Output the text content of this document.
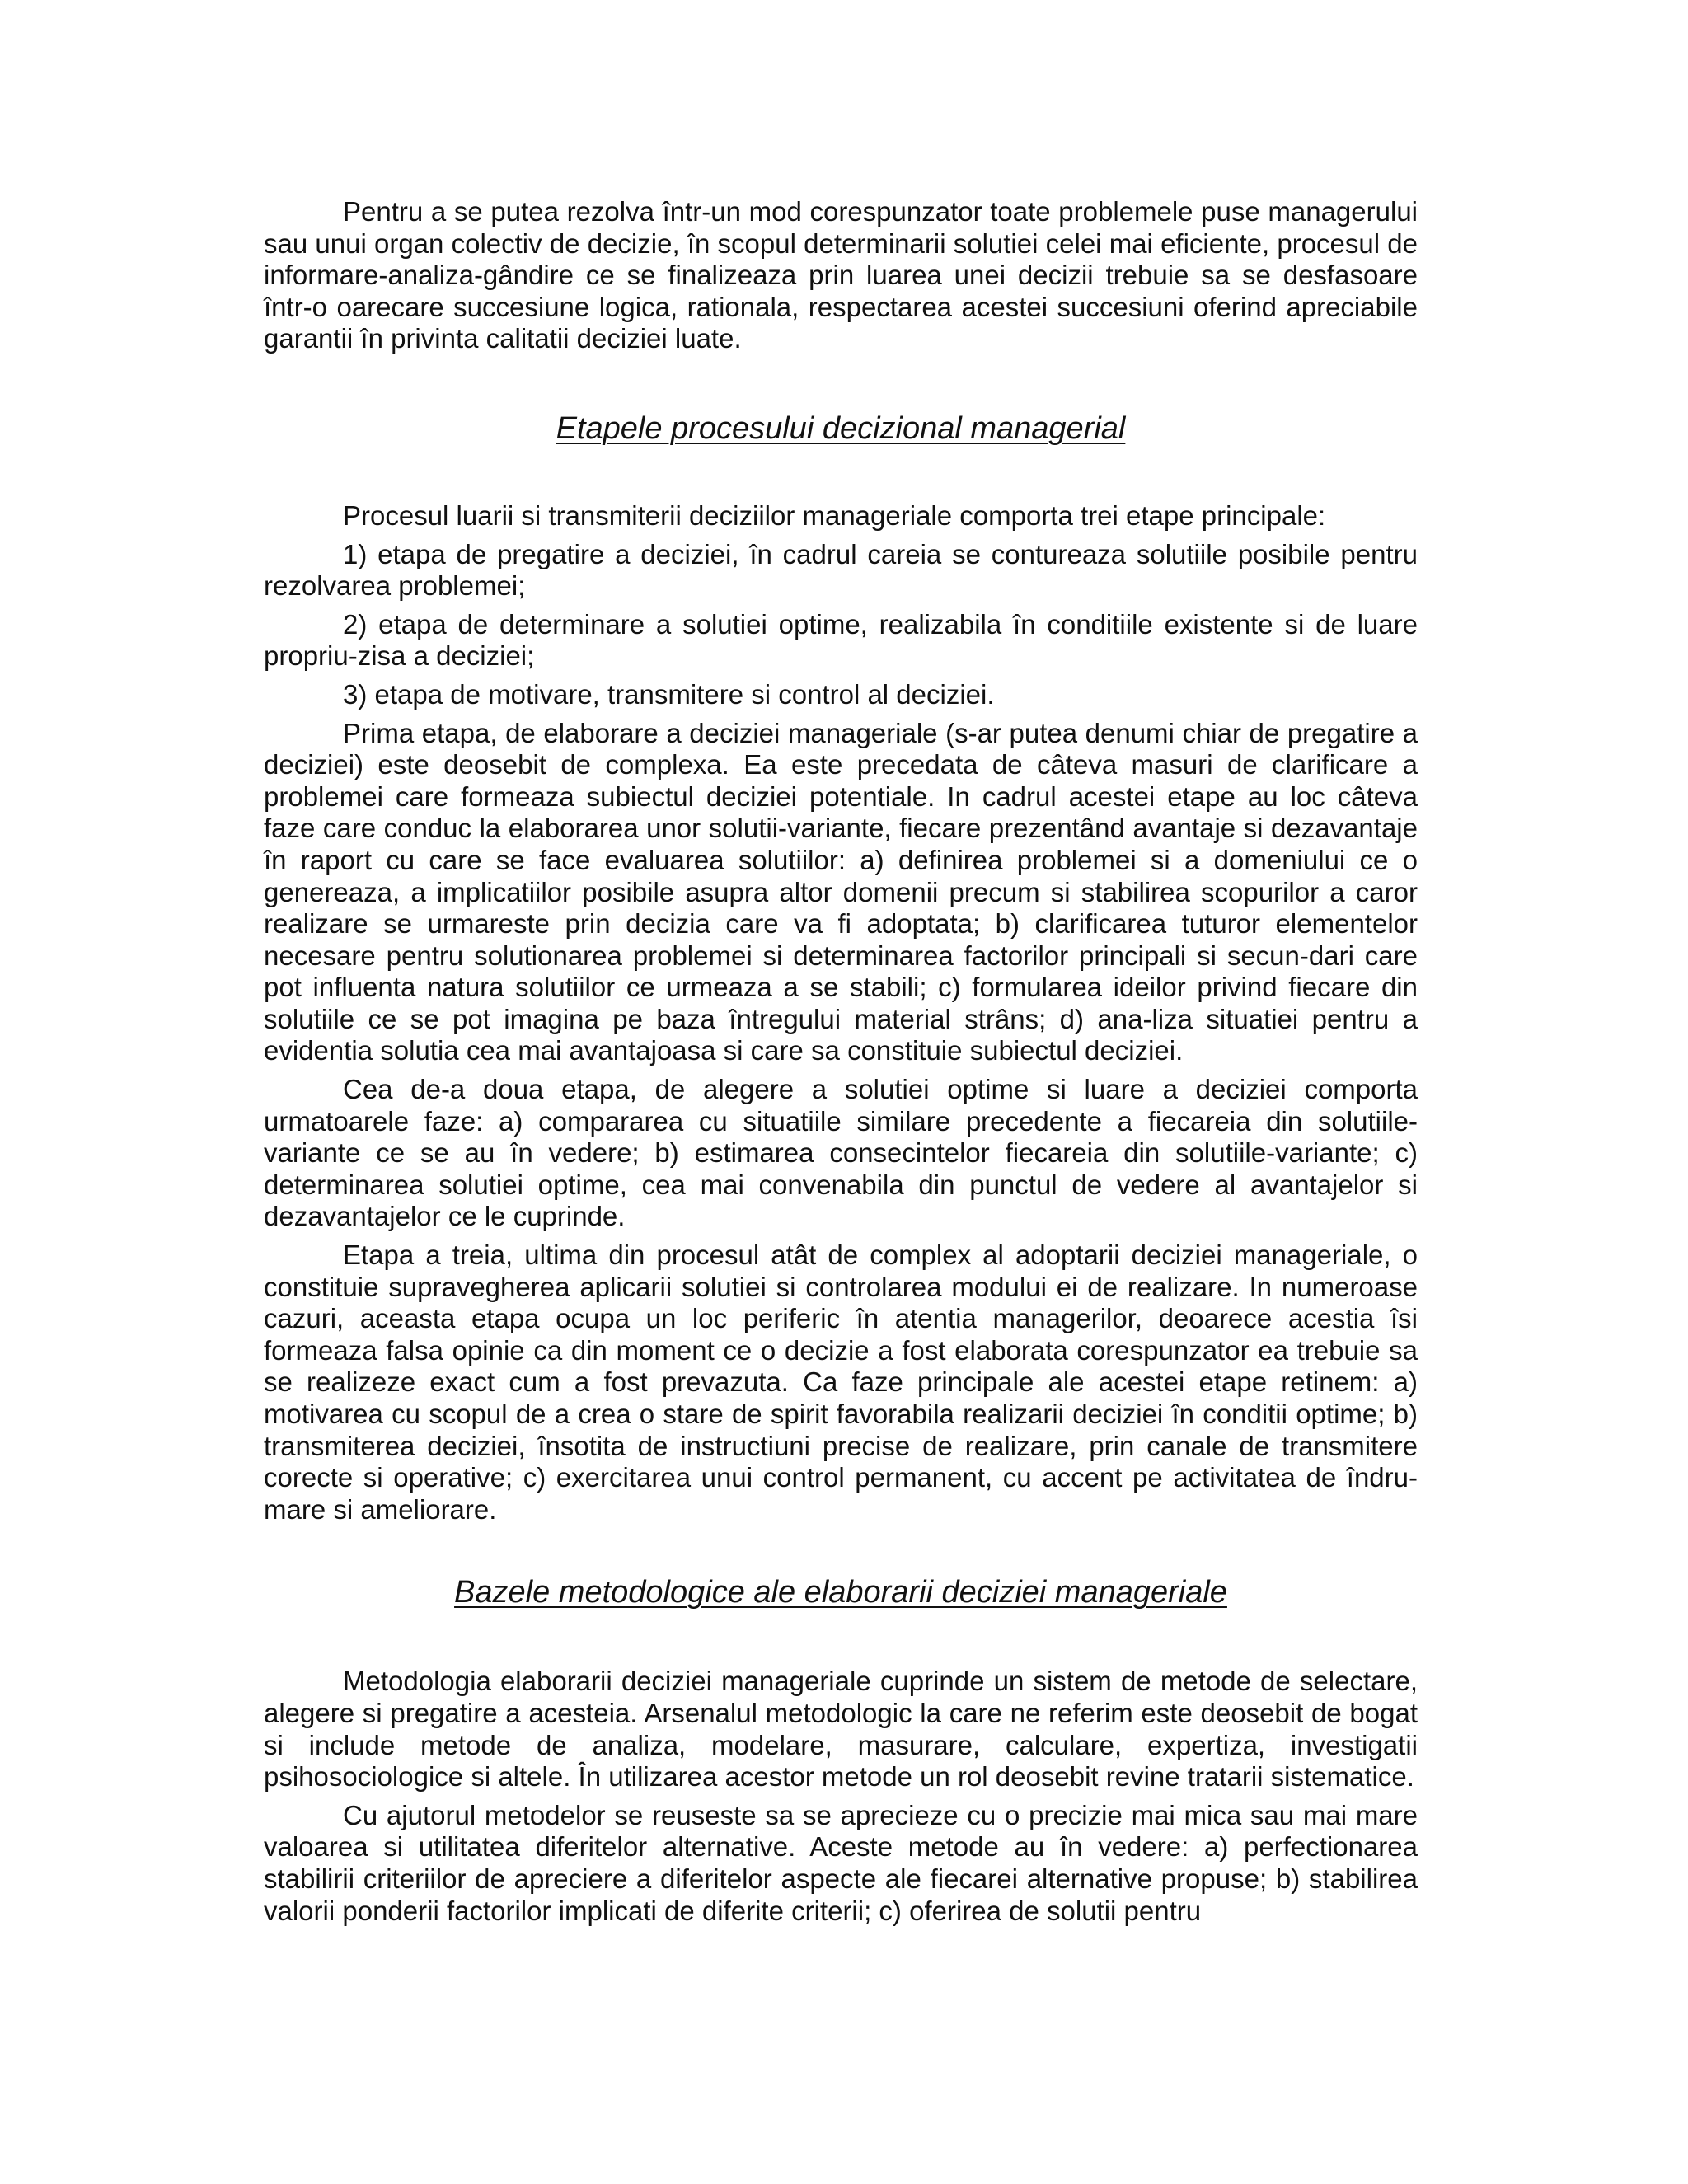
Pentru a se putea rezolva într-un mod corespunzator toate problemele puse managerului sau unui organ colectiv de decizie, în scopul determinarii solutiei celei mai eficiente, procesul de informare-analiza-gândire ce se finalizeaza prin luarea unei decizii trebuie sa se desfasoare într-o oarecare succesiune logica, rationala, respectarea acestei succesiuni oferind apreciabile garantii în privinta calitatii deciziei luate.

Etapele procesului decizional managerial

Procesul luarii si transmiterii deciziilor manageriale comporta trei etape principale:

1) etapa de pregatire a deciziei, în cadrul careia se contureaza solutiile posibile pentru rezolvarea problemei;

2) etapa de determinare a solutiei optime, realizabila în conditiile existente si de luare propriu-zisa a deciziei;

3) etapa de motivare, transmitere si control al deciziei.

Prima etapa, de elaborare a deciziei manageriale (s-ar putea denumi chiar de pregatire a deciziei) este deosebit de complexa. Ea este precedata de câteva masuri de clarificare a problemei care formeaza subiectul deciziei potentiale. In cadrul acestei etape au loc câteva faze care conduc la elaborarea unor solutii-variante, fiecare prezentând avantaje si dezavantaje în raport cu care se face evaluarea solutiilor: a) definirea problemei si a domeniului ce o genereaza, a implicatiilor posibile asupra altor domenii precum si stabilirea scopurilor a caror realizare se urmareste prin decizia care va fi adoptata; b) clarificarea tuturor elementelor necesare pentru solutionarea problemei si determinarea factorilor principali si secun-dari care pot influenta natura solutiilor ce urmeaza a se stabili; c) formularea ideilor privind fiecare din solutiile ce se pot imagina pe baza întregului material strâns; d) ana-liza situatiei pentru a evidentia solutia cea mai avantajoasa si care sa constituie subiectul deciziei.

Cea de-a doua etapa, de alegere a solutiei optime si luare a deciziei comporta urmatoarele faze: a) compararea cu situatiile similare precedente a fiecareia din solutiile-variante ce se au în vedere; b) estimarea consecintelor fiecareia din solutiile-variante; c) determinarea solutiei optime, cea mai convenabila din punctul de vedere al avantajelor si dezavantajelor ce le cuprinde.

Etapa a treia, ultima din procesul atât de complex al adoptarii deciziei manageriale, o constituie supravegherea aplicarii solutiei si controlarea modului ei de realizare. In numeroase cazuri, aceasta etapa ocupa un loc periferic în atentia managerilor, deoarece acestia îsi formeaza falsa opinie ca din moment ce o decizie a fost elaborata corespunzator ea trebuie sa se realizeze exact cum a fost prevazuta. Ca faze principale ale acestei etape retinem: a) motivarea cu scopul de a crea o stare de spirit favorabila realizarii deciziei în conditii optime; b) transmiterea deciziei, însotita de instructiuni precise de realizare, prin canale de transmitere corecte si operative; c) exercitarea unui control permanent, cu accent pe activitatea de îndrumare si ameliorare.

Bazele metodologice ale elaborarii deciziei manageriale

Metodologia elaborarii deciziei manageriale cuprinde un sistem de metode de selectare, alegere si pregatire a acesteia. Arsenalul metodologic la care ne referim este deosebit de bogat si include metode de analiza, modelare, masurare, calculare, expertiza, investigatii psihosociologice si altele. În utilizarea acestor metode un rol deosebit revine tratarii sistematice.

Cu ajutorul metodelor se reuseste sa se aprecieze cu o precizie mai mica sau mai mare valoarea si utilitatea diferitelor alternative. Aceste metode au în vedere: a) perfectionarea stabilirii criteriilor de apreciere a diferitelor aspecte ale fiecarei alternative propuse; b) stabilirea valorii ponderii factorilor implicati de diferite criterii; c) oferirea de solutii pentru
